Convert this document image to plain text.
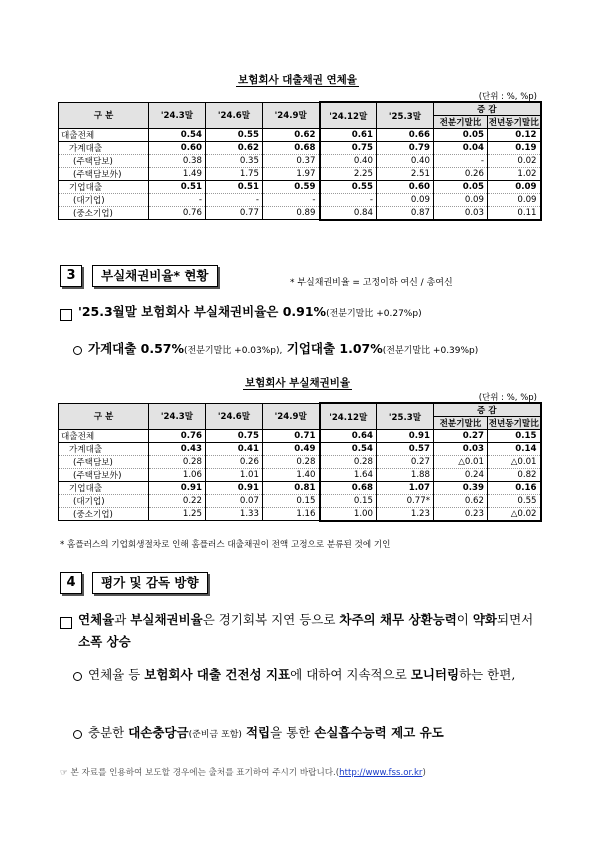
보험회사 대출채권 연체율
(단위 : %, %p)
구 분	'24.3말	'24.6말	'24.9말	'24.12말	'25.3말	증 감	
						전분기말比	전년동기말比
대출전체	0.54	0.55	0.62	0.61	0.66	0.05	0.12
가계대출	0.60	0.62	0.68	0.75	0.79	0.04	0.19
(주택담보)	0.38	0.35	0.37	0.40	0.40	-	0.02
(주택담보外)	1.49	1.75	1.97	2.25	2.51	0.26	1.02
기업대출	0.51	0.51	0.59	0.55	0.60	0.05	0.09
(대기업)	-	-	-	-	0.09	0.09	0.09
(중소기업)	0.76	0.77	0.89	0.84	0.87	0.03	0.11
3	부실채권비율* 현황	* 부실채권비율 = 고정이하 여신 / 총여신
'25.3월말 보험회사 부실채권비율은 0.91%(전분기말比 +0.27%p)
가계대출 0.57%(전분기말比 +0.03%p), 기업대출 1.07%(전분기말比 +0.39%p)
보험회사 부실채권비율
(단위 : %, %p)
구 분	'24.3말	'24.6말	'24.9말	'24.12말	'25.3말	증 감	
						전분기말比	전년동기말比
대출전체	0.76	0.75	0.71	0.64	0.91	0.27	0.15
가계대출	0.43	0.41	0.49	0.54	0.57	0.03	0.14
(주택담보)	0.28	0.26	0.28	0.28	0.27	△0.01	△0.01
(주택담보外)	1.06	1.01	1.40	1.64	1.88	0.24	0.82
기업대출	0.91	0.91	0.81	0.68	1.07	0.39	0.16
(대기업)	0.22	0.07	0.15	0.15	0.77*	0.62	0.55
(중소기업)	1.25	1.33	1.16	1.00	1.23	0.23	△0.02
* 홈플러스의 기업회생절차로 인해 홈플러스 대출채권이 전액 고정으로 분류된 것에 기인
4	평가 및 감독 방향
연체율과 부실채권비율은 경기회복 지연 등으로 차주의 채무 상환능력이 약화되면서 소폭 상승
연체율 등 보험회사 대출 건전성 지표에 대하여 지속적으로 모니터링하는 한편,
충분한 대손충당금(준비금 포함) 적립을 통한 손실흡수능력 제고 유도
☞ 본 자료를 인용하여 보도할 경우에는 출처를 표기하여 주시기 바랍니다.(http://www.fss.or.kr)
